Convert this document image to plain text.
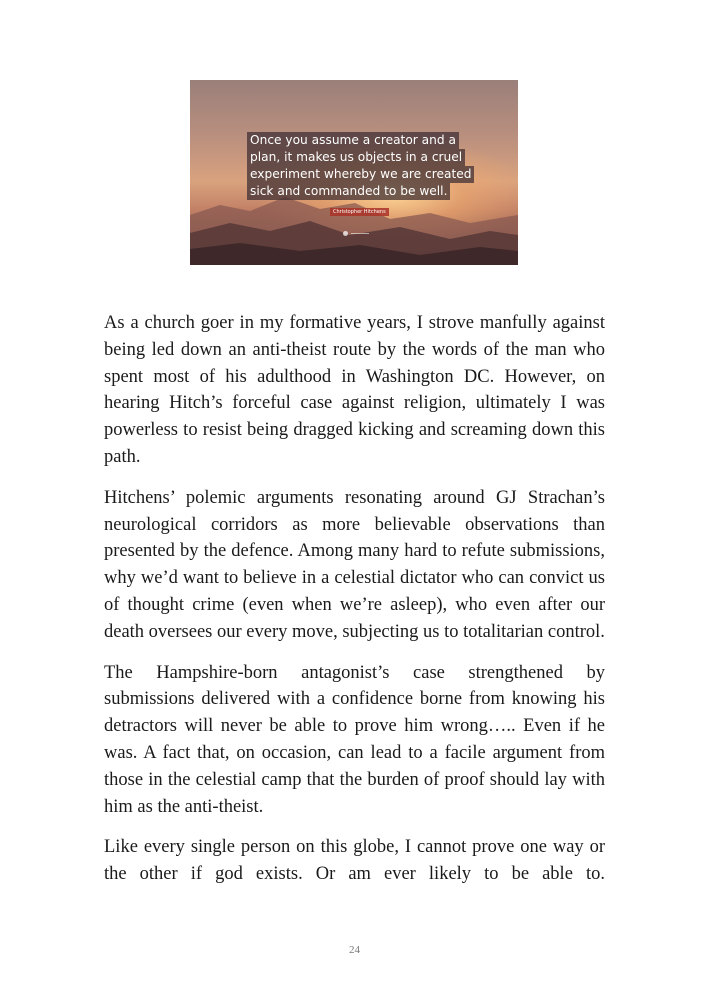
Once you assume a creator and a
plan, it makes us objects in a cruel
experiment whereby we are created
sick and commanded to be well.
Christopher Hitchens

As a church goer in my formative years, I strove manfully against being led down an anti-theist route by the words of the man who spent most of his adulthood in Washington DC. However, on hearing Hitch’s forceful case against religion, ultimately I was powerless to resist being dragged kicking and screaming down this path.

Hitchens’ polemic arguments resonating around GJ Strachan’s neurological corridors as more believable observations than presented by the defence. Among many hard to refute submissions, why we’d want to believe in a celestial dictator who can convict us of thought crime (even when we’re asleep), who even after our death oversees our every move, subjecting us to totalitarian control.

The Hampshire-born antagonist’s case strengthened by submissions delivered with a confidence borne from knowing his detractors will never be able to prove him wrong….. Even if he was. A fact that, on occasion, can lead to a facile argument from those in the celestial camp that the burden of proof should lay with him as the anti-theist.

Like every single person on this globe, I cannot prove one way or the other if god exists. Or am ever likely to be able to.

24
